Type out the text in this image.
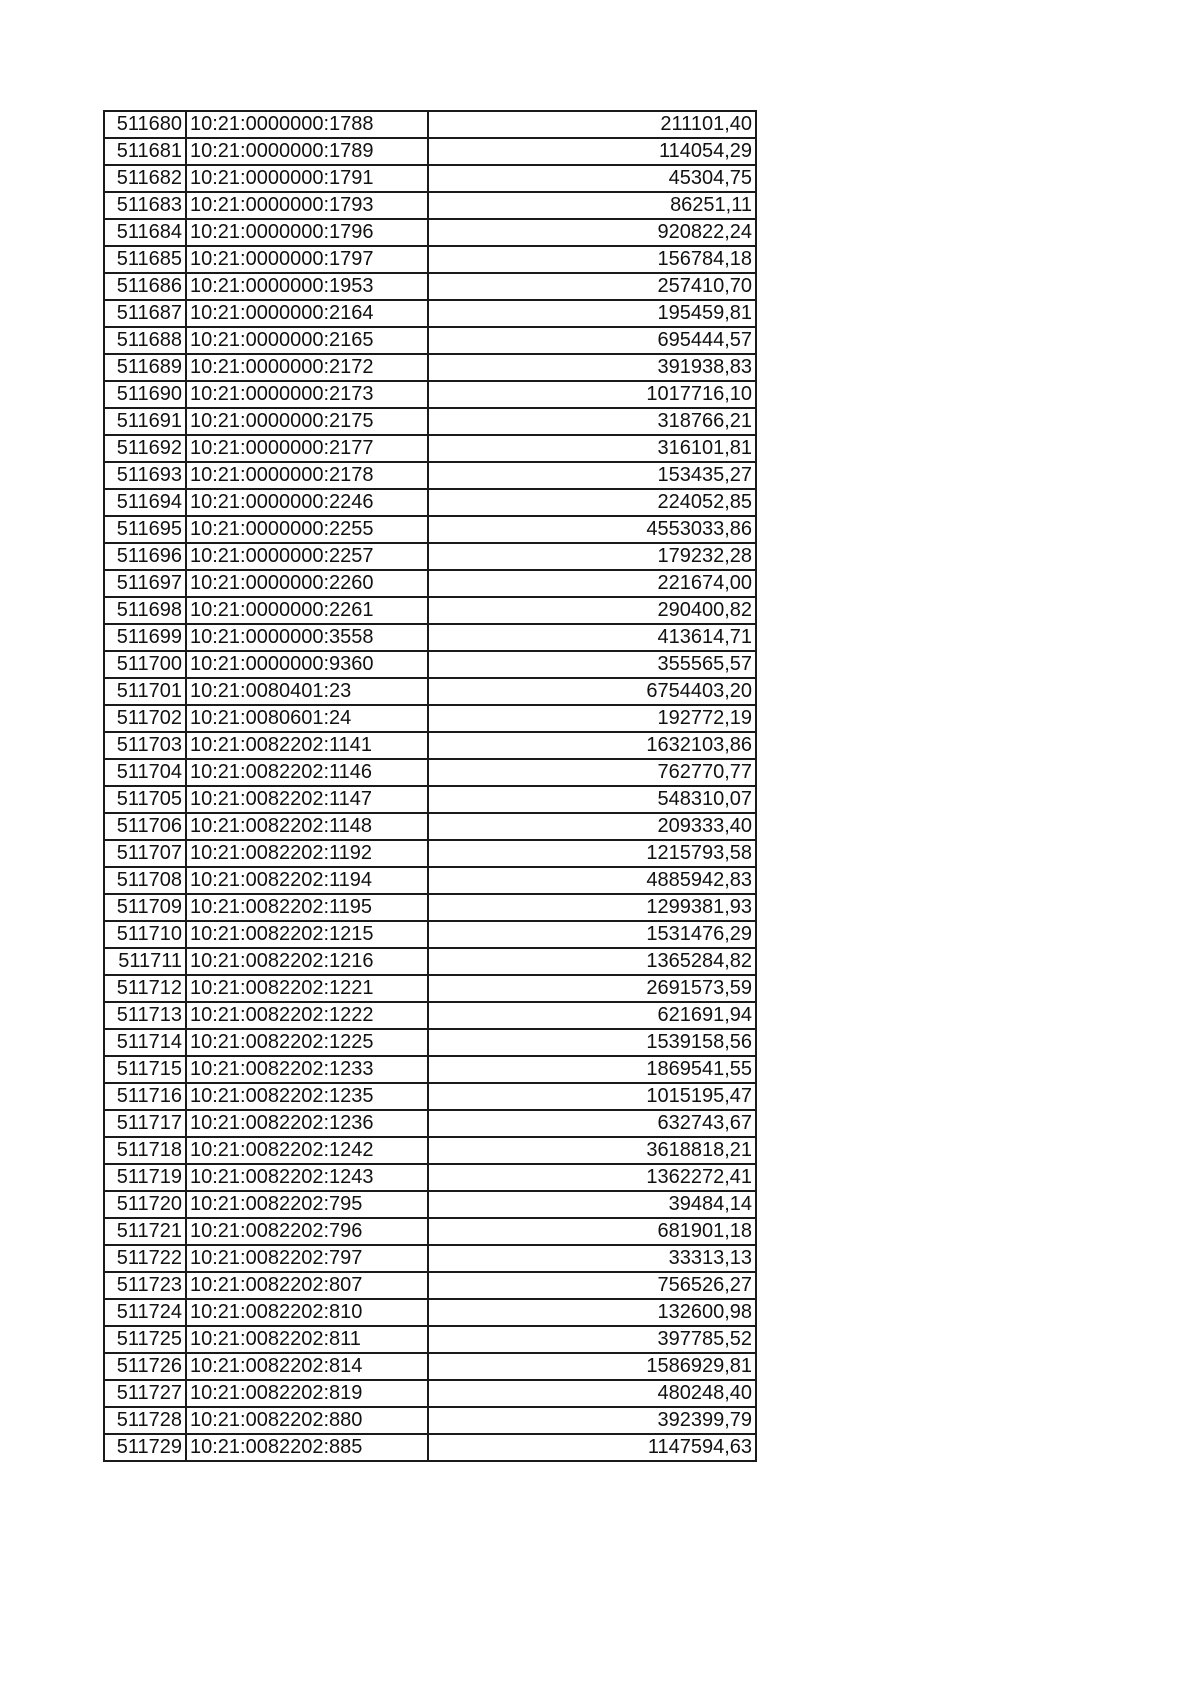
511680	10:21:0000000:1788	211101,40
511681	10:21:0000000:1789	114054,29
511682	10:21:0000000:1791	45304,75
511683	10:21:0000000:1793	86251,11
511684	10:21:0000000:1796	920822,24
511685	10:21:0000000:1797	156784,18
511686	10:21:0000000:1953	257410,70
511687	10:21:0000000:2164	195459,81
511688	10:21:0000000:2165	695444,57
511689	10:21:0000000:2172	391938,83
511690	10:21:0000000:2173	1017716,10
511691	10:21:0000000:2175	318766,21
511692	10:21:0000000:2177	316101,81
511693	10:21:0000000:2178	153435,27
511694	10:21:0000000:2246	224052,85
511695	10:21:0000000:2255	4553033,86
511696	10:21:0000000:2257	179232,28
511697	10:21:0000000:2260	221674,00
511698	10:21:0000000:2261	290400,82
511699	10:21:0000000:3558	413614,71
511700	10:21:0000000:9360	355565,57
511701	10:21:0080401:23	6754403,20
511702	10:21:0080601:24	192772,19
511703	10:21:0082202:1141	1632103,86
511704	10:21:0082202:1146	762770,77
511705	10:21:0082202:1147	548310,07
511706	10:21:0082202:1148	209333,40
511707	10:21:0082202:1192	1215793,58
511708	10:21:0082202:1194	4885942,83
511709	10:21:0082202:1195	1299381,93
511710	10:21:0082202:1215	1531476,29
511711	10:21:0082202:1216	1365284,82
511712	10:21:0082202:1221	2691573,59
511713	10:21:0082202:1222	621691,94
511714	10:21:0082202:1225	1539158,56
511715	10:21:0082202:1233	1869541,55
511716	10:21:0082202:1235	1015195,47
511717	10:21:0082202:1236	632743,67
511718	10:21:0082202:1242	3618818,21
511719	10:21:0082202:1243	1362272,41
511720	10:21:0082202:795	39484,14
511721	10:21:0082202:796	681901,18
511722	10:21:0082202:797	33313,13
511723	10:21:0082202:807	756526,27
511724	10:21:0082202:810	132600,98
511725	10:21:0082202:811	397785,52
511726	10:21:0082202:814	1586929,81
511727	10:21:0082202:819	480248,40
511728	10:21:0082202:880	392399,79
511729	10:21:0082202:885	1147594,63
